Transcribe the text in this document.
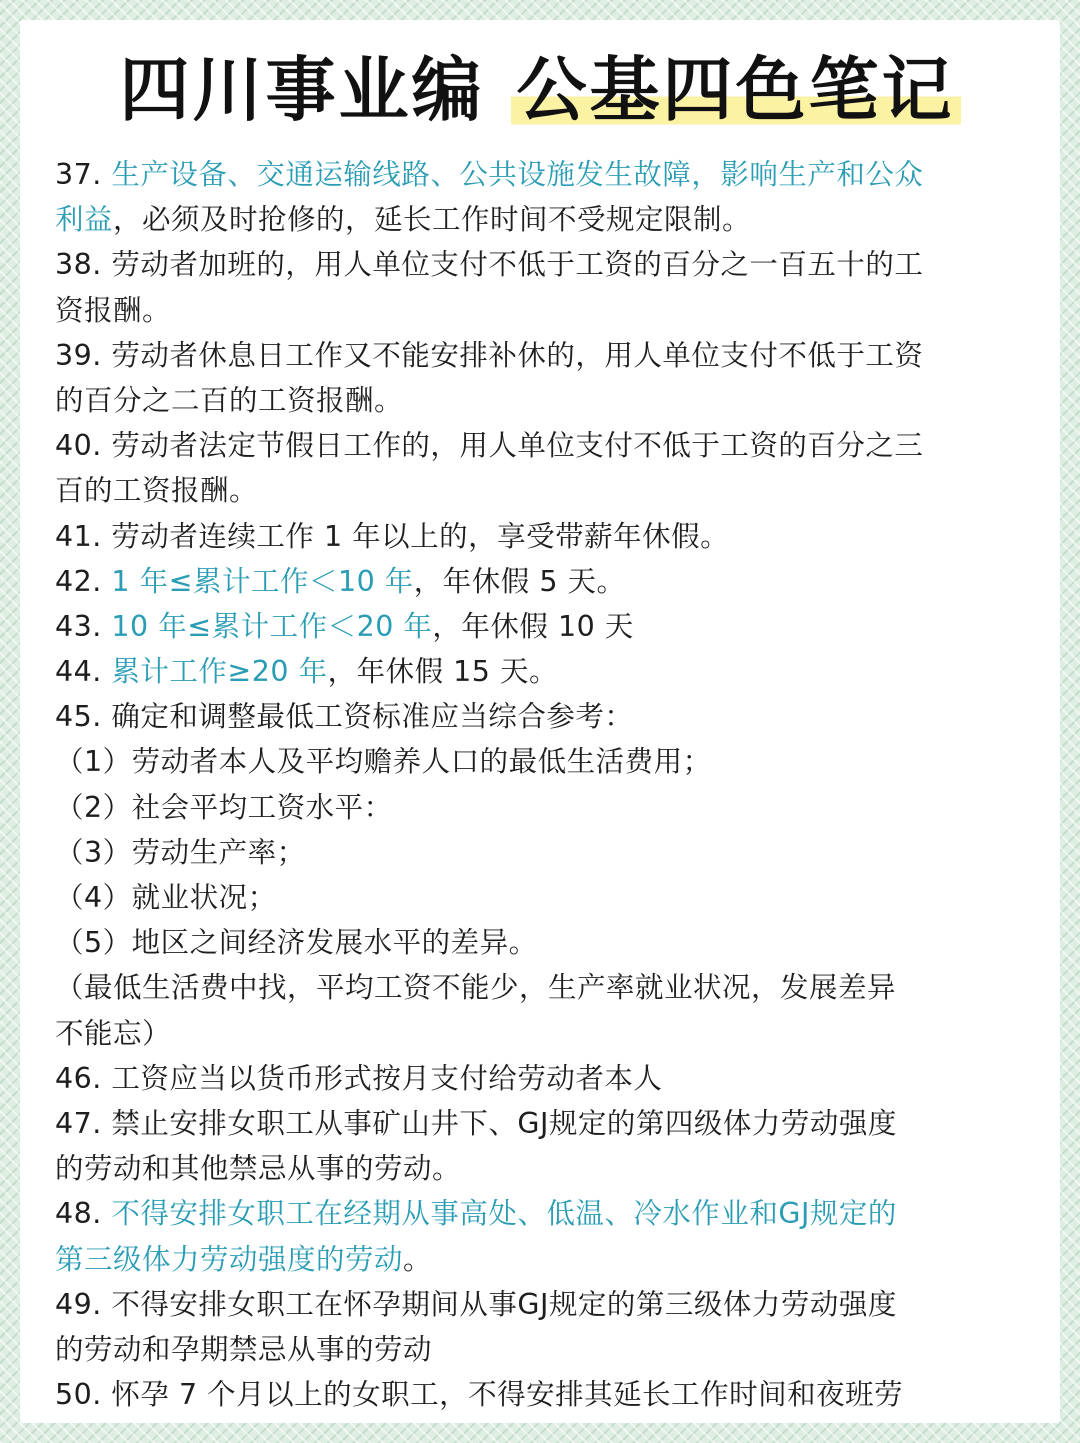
四川事业编 公基四色笔记
37. 生产设备、交通运输线路、公共设施发生故障，影响生产和公众
利益，必须及时抢修的，延长工作时间不受规定限制。
38. 劳动者加班的，用人单位支付不低于工资的百分之一百五十的工
资报酬。
39. 劳动者休息日工作又不能安排补休的，用人单位支付不低于工资
的百分之二百的工资报酬。
40. 劳动者法定节假日工作的，用人单位支付不低于工资的百分之三
百的工资报酬。
41. 劳动者连续工作 1 年以上的，享受带薪年休假。
42. 1 年≤累计工作＜10 年，年休假 5 天。
43. 10 年≤累计工作＜20 年，年休假 10 天
44. 累计工作≥20 年，年休假 15 天。
45. 确定和调整最低工资标准应当综合参考：
（1）劳动者本人及平均赡养人口的最低生活费用；
（2）社会平均工资水平：
（3）劳动生产率；
（4）就业状况；
（5）地区之间经济发展水平的差异。
（最低生活费中找，平均工资不能少，生产率就业状况，发展差异
不能忘）
46. 工资应当以货币形式按月支付给劳动者本人
47. 禁止安排女职工从事矿山井下、GJ规定的第四级体力劳动强度
的劳动和其他禁忌从事的劳动。
48. 不得安排女职工在经期从事高处、低温、冷水作业和GJ规定的
第三级体力劳动强度的劳动。
49. 不得安排女职工在怀孕期间从事GJ规定的第三级体力劳动强度
的劳动和孕期禁忌从事的劳动
50. 怀孕 7 个月以上的女职工，不得安排其延长工作时间和夜班劳
